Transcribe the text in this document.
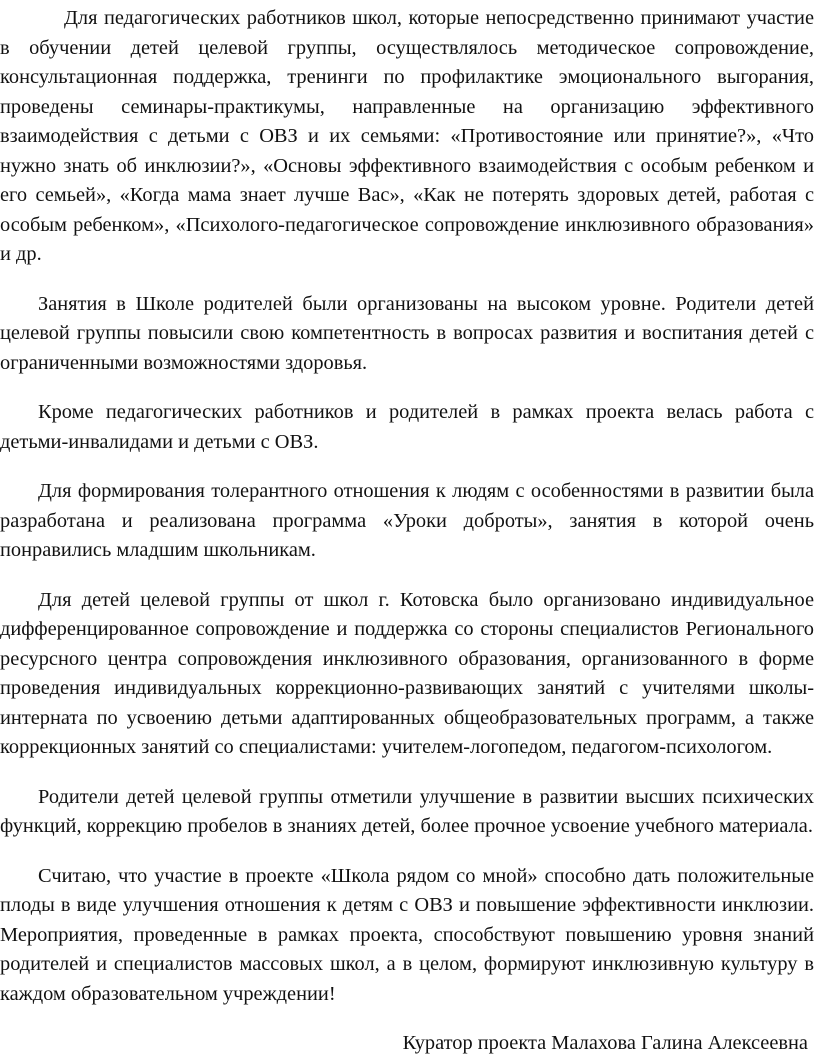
Для педагогических работников школ, которые непосредственно принимают участие в обучении детей целевой группы, осуществлялось методическое сопровождение, консультационная поддержка, тренинги по профилактике эмоционального выгорания, проведены семинары-практикумы, направленные на организацию эффективного взаимодействия с детьми с ОВЗ и их семьями: «Противостояние или принятие?», «Что нужно знать об инклюзии?», «Основы эффективного взаимодействия с особым ребенком и его семьей», «Когда мама знает лучше Вас», «Как не потерять здоровых детей, работая с особым ребенком», «Психолого-педагогическое сопровождение инклюзивного образования» и др.

Занятия в Школе родителей были организованы на высоком уровне. Родители детей целевой группы повысили свою компетентность в вопросах развития и воспитания детей с ограниченными возможностями здоровья.

Кроме педагогических работников и родителей в рамках проекта велась работа с детьми-инвалидами и детьми с ОВЗ.

Для формирования толерантного отношения к людям с особенностями в развитии была разработана и реализована программа «Уроки доброты», занятия в которой очень понравились младшим школьникам.

Для детей целевой группы от школ г. Котовска было организовано индивидуальное дифференцированное сопровождение и поддержка со стороны специалистов Регионального ресурсного центра сопровождения инклюзивного образования, организованного в форме проведения индивидуальных коррекционно-развивающих занятий с учителями школы-интерната по усвоению детьми адаптированных общеобразовательных программ, а также коррекционных занятий со специалистами: учителем-логопедом, педагогом-психологом.

Родители детей целевой группы отметили улучшение в развитии высших психических функций, коррекцию пробелов в знаниях детей, более прочное усвоение учебного материала.

Считаю, что участие в проекте «Школа рядом со мной» способно дать положительные плоды в виде улучшения отношения к детям с ОВЗ и повышение эффективности инклюзии. Мероприятия, проведенные в рамках проекта, способствуют повышению уровня знаний родителей и специалистов массовых школ, а в целом, формируют инклюзивную культуру в каждом образовательном учреждении!

Куратор проекта Малахова Галина Алексеевна
